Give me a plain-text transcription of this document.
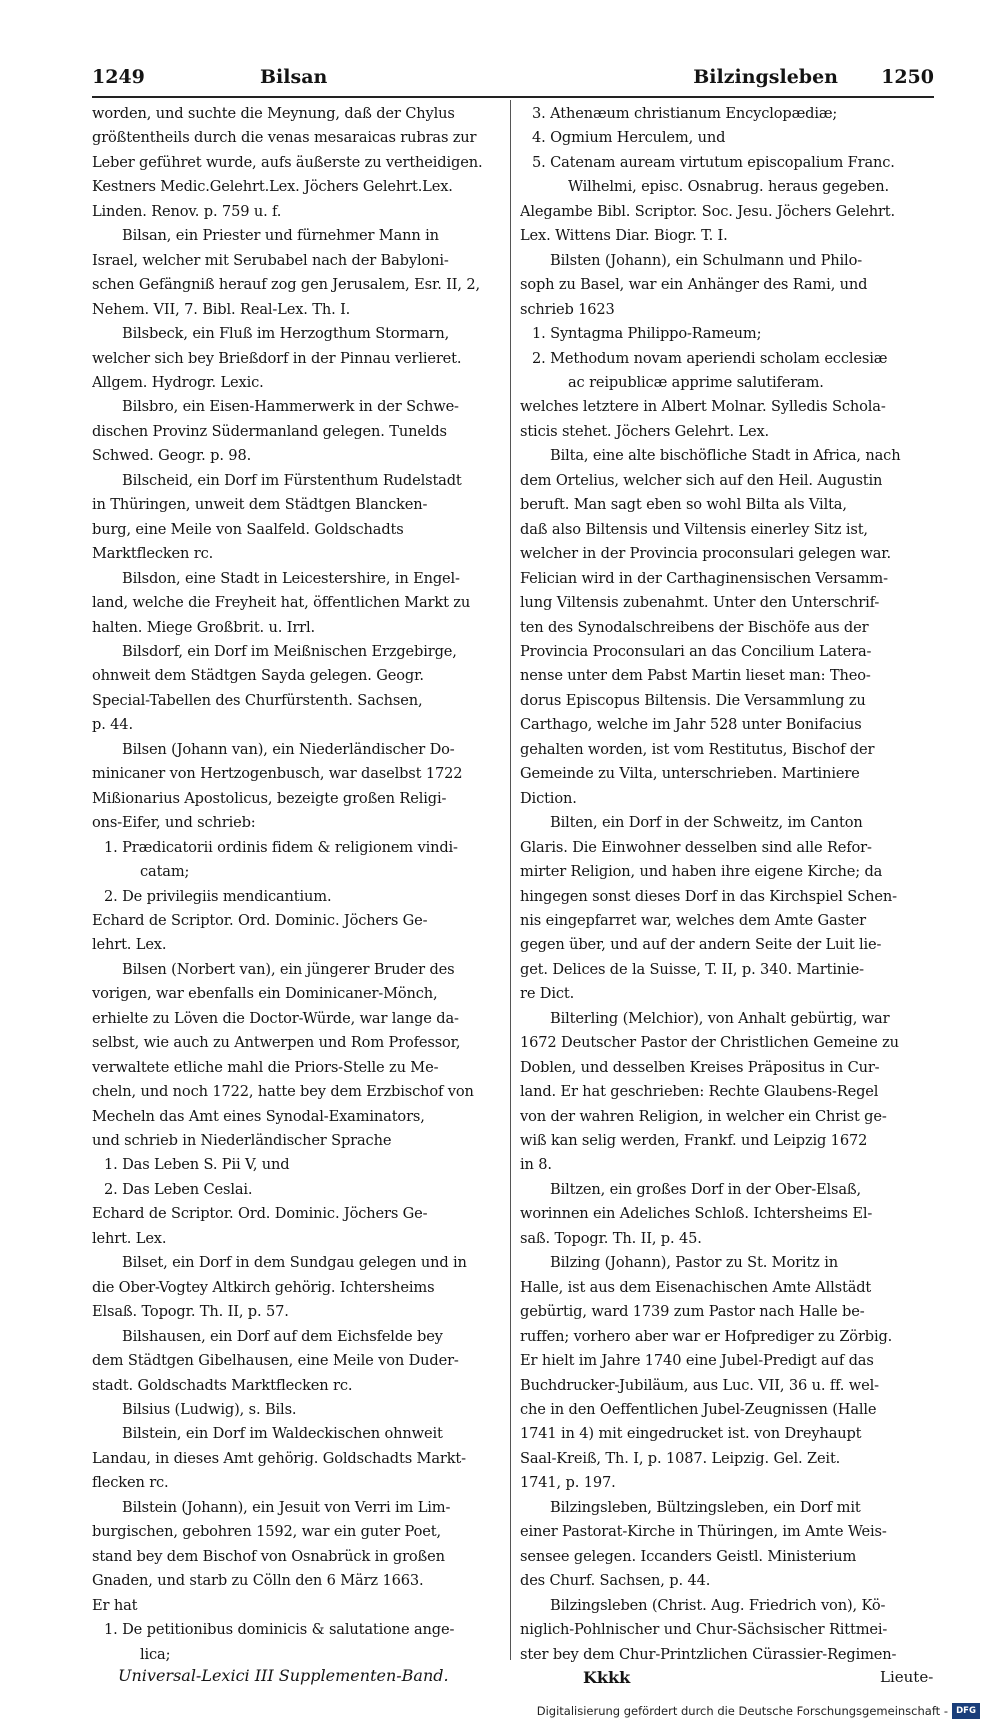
1249	Bilsan	Bilzingsleben 1250
worden, und suchte die Meynung, daß der Chylus
größtentheils durch die venas mesaraicas rubras zur
Leber geführet wurde, aufs äußerste zu vertheidigen.
Kestners Medic.Gelehrt.Lex. Jöchers Gelehrt.Lex.
Linden. Renov. p. 759 u. f.
Bilsan, ein Priester und fürnehmer Mann in
Israel, welcher mit Serubabel nach der Babyloni-
schen Gefängniß herauf zog gen Jerusalem, Esr. II, 2,
Nehem. VII, 7. Bibl. Real-Lex. Th. I.
Bilsbeck, ein Fluß im Herzogthum Stormarn,
welcher sich bey Brießdorf in der Pinnau verlieret.
Allgem. Hydrogr. Lexic.
Bilsbro, ein Eisen-Hammerwerk in der Schwe-
dischen Provinz Südermanland gelegen. Tunelds
Schwed. Geogr. p. 98.
Bilscheid, ein Dorf im Fürstenthum Rudelstadt
in Thüringen, unweit dem Städtgen Blancken-
burg, eine Meile von Saalfeld. Goldschadts
Marktflecken rc.
Bilsdon, eine Stadt in Leicestershire, in Engel-
land, welche die Freyheit hat, öffentlichen Markt zu
halten. Miege Großbrit. u. Irrl.
Bilsdorf, ein Dorf im Meißnischen Erzgebirge,
ohnweit dem Städtgen Sayda gelegen. Geogr.
Special-Tabellen des Churfürstenth. Sachsen,
p. 44.
Bilsen (Johann van), ein Niederländischer Do-
minicaner von Hertzogenbusch, war daselbst 1722
Mißionarius Apostolicus, bezeigte großen Religi-
ons-Eifer, und schrieb:
1. Prædicatorii ordinis fidem & religionem vindi-
catam;
2. De privilegiis mendicantium.
Echard de Scriptor. Ord. Dominic. Jöchers Ge-
lehrt. Lex.
Bilsen (Norbert van), ein jüngerer Bruder des
vorigen, war ebenfalls ein Dominicaner-Mönch,
erhielte zu Löven die Doctor-Würde, war lange da-
selbst, wie auch zu Antwerpen und Rom Professor,
verwaltete etliche mahl die Priors-Stelle zu Me-
cheln, und noch 1722, hatte bey dem Erzbischof von
Mecheln das Amt eines Synodal-Examinators,
und schrieb in Niederländischer Sprache
1. Das Leben S. Pii V, und
2. Das Leben Ceslai.
Echard de Scriptor. Ord. Dominic. Jöchers Ge-
lehrt. Lex.
Bilset, ein Dorf in dem Sundgau gelegen und in
die Ober-Vogtey Altkirch gehörig. Ichtersheims
Elsaß. Topogr. Th. II, p. 57.
Bilshausen, ein Dorf auf dem Eichsfelde bey
dem Städtgen Gibelhausen, eine Meile von Duder-
stadt. Goldschadts Marktflecken rc.
Bilsius (Ludwig), s. Bils.
Bilstein, ein Dorf im Waldeckischen ohnweit
Landau, in dieses Amt gehörig. Goldschadts Markt-
flecken rc.
Bilstein (Johann), ein Jesuit von Verri im Lim-
burgischen, gebohren 1592, war ein guter Poet,
stand bey dem Bischof von Osnabrück in großen
Gnaden, und starb zu Cölln den 6 März 1663.
Er hat
1. De petitionibus dominicis & salutatione ange-
lica;
3. Athenæum christianum Encyclopædiæ;
4. Ogmium Herculem, und
5. Catenam auream virtutum episcopalium Franc.
Wilhelmi, episc. Osnabrug. heraus gegeben.
Alegambe Bibl. Scriptor. Soc. Jesu. Jöchers Gelehrt.
Lex. Wittens Diar. Biogr. T. I.
Bilsten (Johann), ein Schulmann und Philo-
soph zu Basel, war ein Anhänger des Rami, und
schrieb 1623
1. Syntagma Philippo-Rameum;
2. Methodum novam aperiendi scholam ecclesiæ
ac reipublicæ apprime salutiferam.
welches letztere in Albert Molnar. Sylledis Schola-
sticis stehet. Jöchers Gelehrt. Lex.
Bilta, eine alte bischöfliche Stadt in Africa, nach
dem Ortelius, welcher sich auf den Heil. Augustin
beruft. Man sagt eben so wohl Bilta als Vilta,
daß also Biltensis und Viltensis einerley Sitz ist,
welcher in der Provincia proconsulari gelegen war.
Felician wird in der Carthaginensischen Versamm-
lung Viltensis zubenahmt. Unter den Unterschrif-
ten des Synodalschreibens der Bischöfe aus der
Provincia Proconsulari an das Concilium Latera-
nense unter dem Pabst Martin lieset man: Theo-
dorus Episcopus Biltensis. Die Versammlung zu
Carthago, welche im Jahr 528 unter Bonifacius
gehalten worden, ist vom Restitutus, Bischof der
Gemeinde zu Vilta, unterschrieben. Martiniere
Diction.
Bilten, ein Dorf in der Schweitz, im Canton
Glaris. Die Einwohner desselben sind alle Refor-
mirter Religion, und haben ihre eigene Kirche; da
hingegen sonst dieses Dorf in das Kirchspiel Schen-
nis eingepfarret war, welches dem Amte Gaster
gegen über, und auf der andern Seite der Luit lie-
get. Delices de la Suisse, T. II, p. 340. Martinie-
re Dict.
Bilterling (Melchior), von Anhalt gebürtig, war
1672 Deutscher Pastor der Christlichen Gemeine zu
Doblen, und desselben Kreises Präpositus in Cur-
land. Er hat geschrieben: Rechte Glaubens-Regel
von der wahren Religion, in welcher ein Christ ge-
wiß kan selig werden, Frankf. und Leipzig 1672
in 8.
Biltzen, ein großes Dorf in der Ober-Elsaß,
worinnen ein Adeliches Schloß. Ichtersheims El-
saß. Topogr. Th. II, p. 45.
Bilzing (Johann), Pastor zu St. Moritz in
Halle, ist aus dem Eisenachischen Amte Allstädt
gebürtig, ward 1739 zum Pastor nach Halle be-
ruffen; vorhero aber war er Hofprediger zu Zörbig.
Er hielt im Jahre 1740 eine Jubel-Predigt auf das
Buchdrucker-Jubiläum, aus Luc. VII, 36 u. ff. wel-
che in den Oeffentlichen Jubel-Zeugnissen (Halle
1741 in 4) mit eingedrucket ist. von Dreyhaupt
Saal-Kreiß, Th. I, p. 1087. Leipzig. Gel. Zeit.
1741, p. 197.
Bilzingsleben, Bültzingsleben, ein Dorf mit
einer Pastorat-Kirche in Thüringen, im Amte Weis-
sensee gelegen. Iccanders Geistl. Ministerium
des Churf. Sachsen, p. 44.
Bilzingsleben (Christ. Aug. Friedrich von), Kö-
niglich-Pohlnischer und Chur-Sächsischer Rittmei-
ster bey dem Chur-Printzlichen Cürassier-Regimen-
Universal-Lexici III Supplementen-Band.	Kkkk	Lieute-
Digitalisierung gefördert durch die Deutsche Forschungsgemeinschaft - DFG
